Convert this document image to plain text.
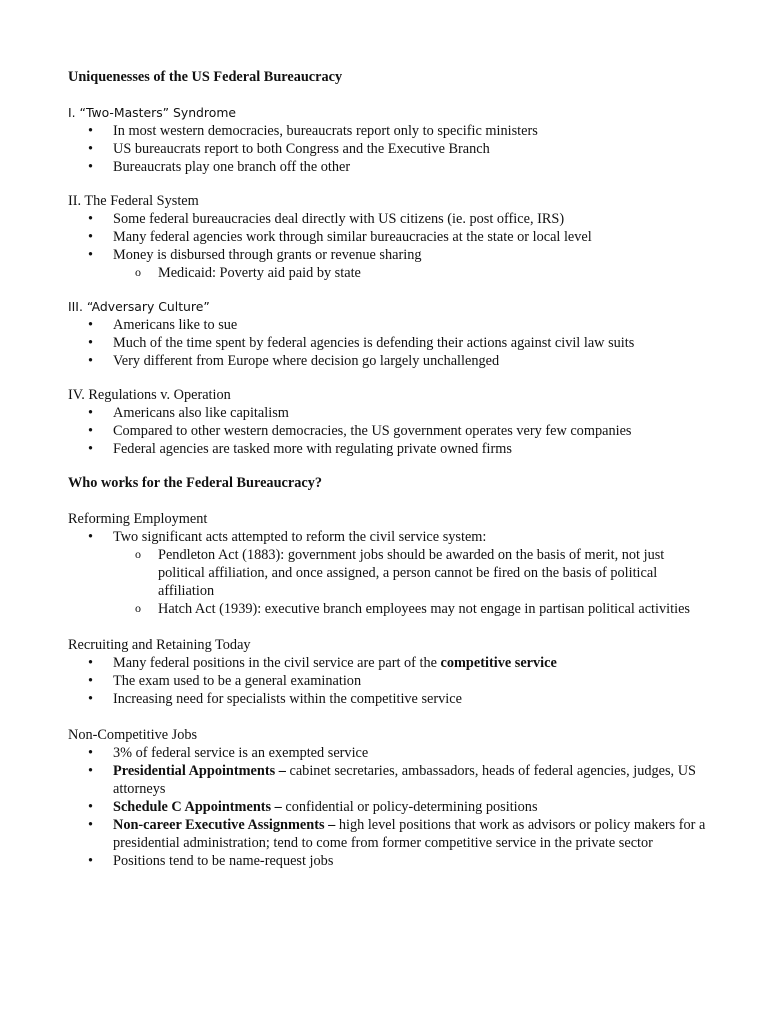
Uniquenesses of the US Federal Bureaucracy

I. “Two-Masters” Syndrome

• In most western democracies, bureaucrats report only to specific ministers
• US bureaucrats report to both Congress and the Executive Branch
• Bureaucrats play one branch off the other

II. The Federal System

• Some federal bureaucracies deal directly with US citizens (ie. post office, IRS)
• Many federal agencies work through similar bureaucracies at the state or local level
• Money is disbursed through grants or revenue sharing
o Medicaid: Poverty aid paid by state

III. “Adversary Culture”

• Americans like to sue
• Much of the time spent by federal agencies is defending their actions against civil law suits
• Very different from Europe where decision go largely unchallenged

IV. Regulations v. Operation

• Americans also like capitalism
• Compared to other western democracies, the US government operates very few companies
• Federal agencies are tasked more with regulating private owned firms

Who works for the Federal Bureaucracy?

Reforming Employment

• Two significant acts attempted to reform the civil service system:
o Pendleton Act (1883): government jobs should be awarded on the basis of merit, not just political affiliation, and once assigned, a person cannot be fired on the basis of political affiliation
o Hatch Act (1939): executive branch employees may not engage in partisan political activities

Recruiting and Retaining Today

• Many federal positions in the civil service are part of the competitive service
• The exam used to be a general examination
• Increasing need for specialists within the competitive service

Non-Competitive Jobs

• 3% of federal service is an exempted service
• Presidential Appointments – cabinet secretaries, ambassadors, heads of federal agencies, judges, US attorneys
• Schedule C Appointments – confidential or policy-determining positions
• Non-career Executive Assignments – high level positions that work as advisors or policy makers for a presidential administration; tend to come from former competitive service in the private sector
• Positions tend to be name-request jobs
